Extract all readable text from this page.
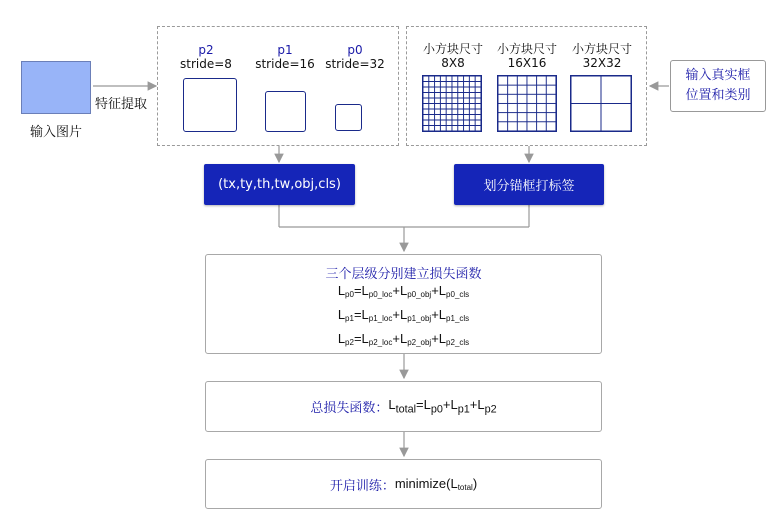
输入图片
特征提取
p2
stride=8
p1
stride=16
p0
stride=32
小方块尺寸
8X8
小方块尺寸
16X16
小方块尺寸
32X32
输入真实框
位置和类别
(tx,ty,th,tw,obj,cls)	划分锚框打标签
三个层级分别建立损失函数
$L_{p0}=L_{p0\_loc}+L_{p0\_obj}+L_{p0\_cls}$
$L_{p1}=L_{p1\_loc}+L_{p1\_obj}+L_{p1\_cls}$
$L_{p2}=L_{p2\_loc}+L_{p2\_obj}+L_{p2\_cls}$
总损失函数： $L_{total}=L_{p0}+L_{p1}+L_{p2}$
开启训练： $minimize(L_{total})$
